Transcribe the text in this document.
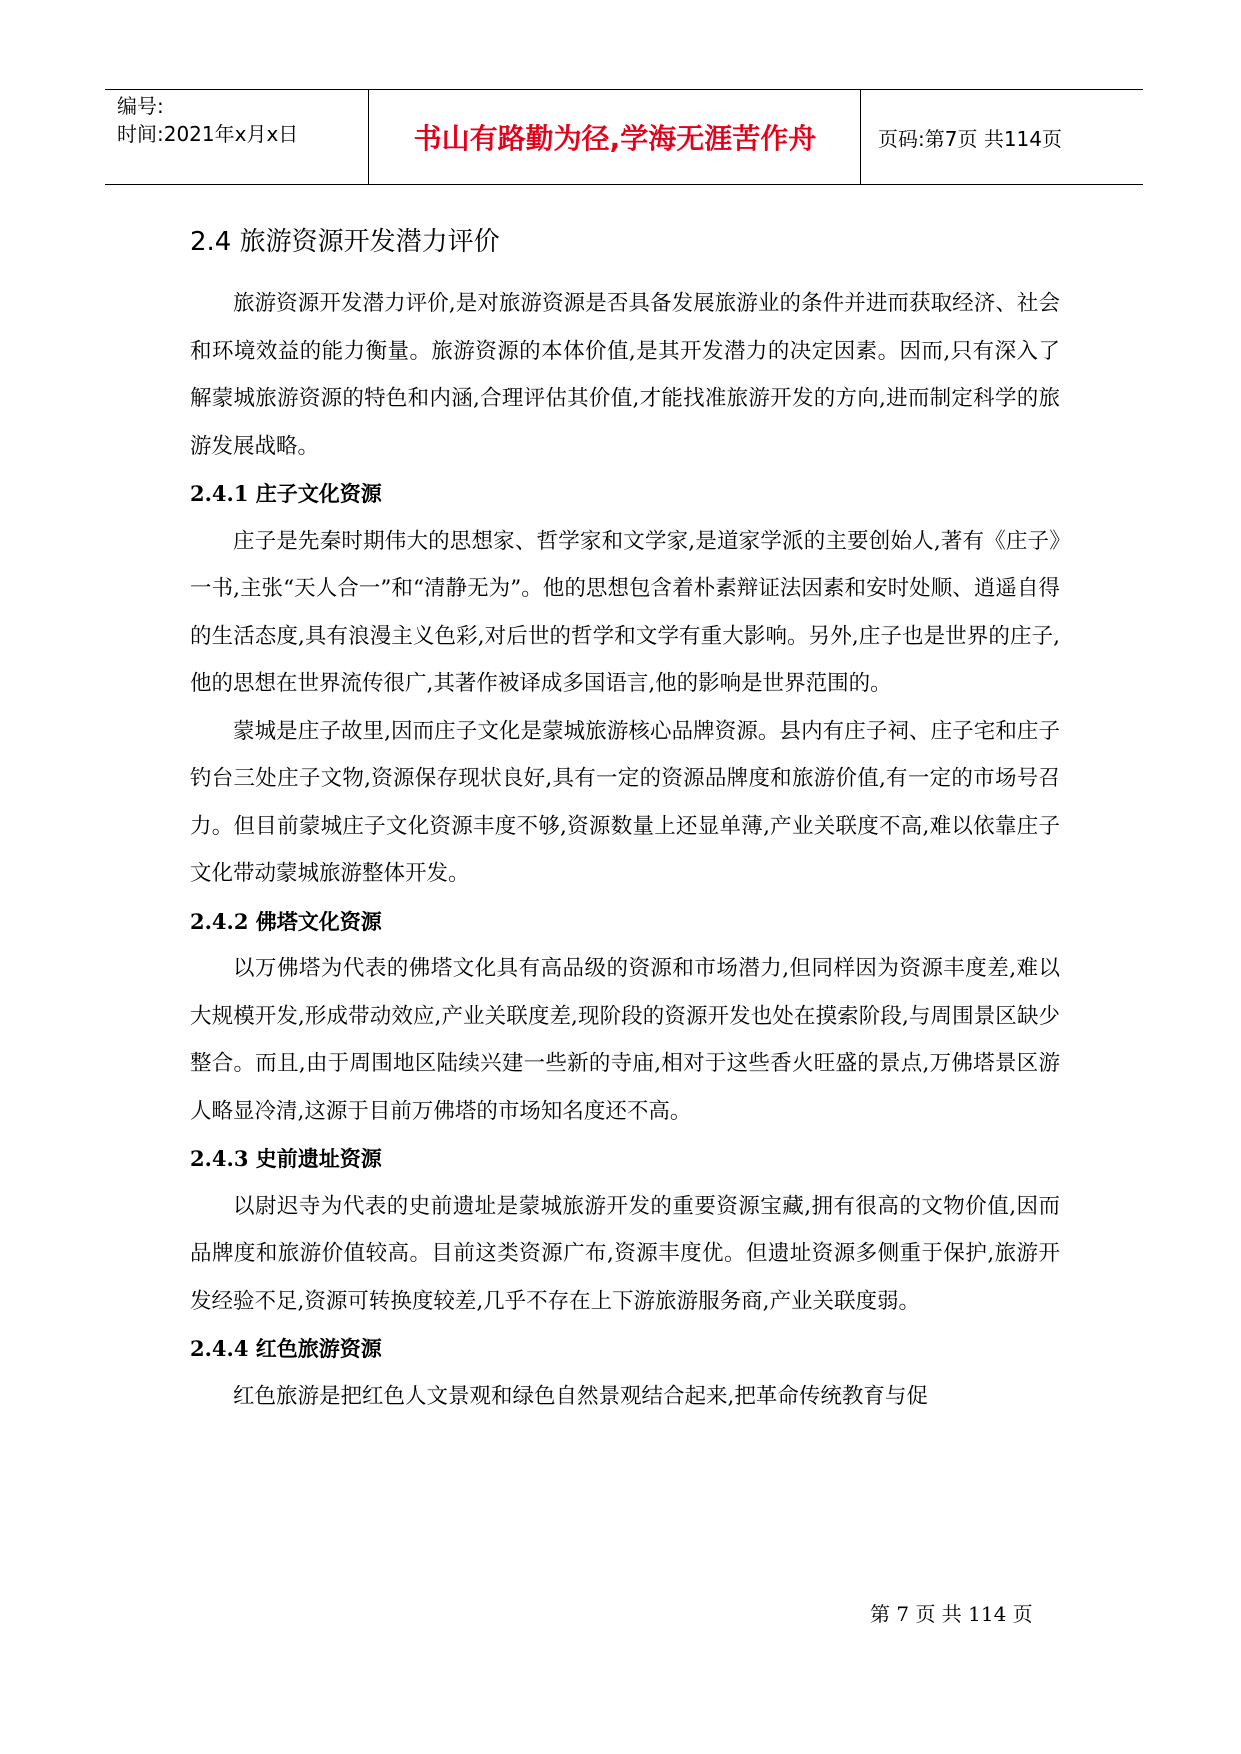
编号:
时间:2021年x月x日	书山有路勤为径,学海无涯苦作舟	页码:第7页 共114页
2.4 旅游资源开发潜力评价

旅游资源开发潜力评价,是对旅游资源是否具备发展旅游业的条件并进而获取经济、社会和环境效益的能力衡量。旅游资源的本体价值,是其开发潜力的决定因素。因而,只有深入了解蒙城旅游资源的特色和内涵,合理评估其价值,才能找准旅游开发的方向,进而制定科学的旅游发展战略。

2.4.1 庄子文化资源

庄子是先秦时期伟大的思想家、哲学家和文学家,是道家学派的主要创始人,著有《庄子》一书,主张“天人合一”和“清静无为”。他的思想包含着朴素辩证法因素和安时处顺、逍遥自得的生活态度,具有浪漫主义色彩,对后世的哲学和文学有重大影响。另外,庄子也是世界的庄子,他的思想在世界流传很广,其著作被译成多国语言,他的影响是世界范围的。

蒙城是庄子故里,因而庄子文化是蒙城旅游核心品牌资源。县内有庄子祠、庄子宅和庄子钓台三处庄子文物,资源保存现状良好,具有一定的资源品牌度和旅游价值,有一定的市场号召力。但目前蒙城庄子文化资源丰度不够,资源数量上还显单薄,产业关联度不高,难以依靠庄子文化带动蒙城旅游整体开发。

2.4.2 佛塔文化资源

以万佛塔为代表的佛塔文化具有高品级的资源和市场潜力,但同样因为资源丰度差,难以大规模开发,形成带动效应,产业关联度差,现阶段的资源开发也处在摸索阶段,与周围景区缺少整合。而且,由于周围地区陆续兴建一些新的寺庙,相对于这些香火旺盛的景点,万佛塔景区游人略显冷清,这源于目前万佛塔的市场知名度还不高。

2.4.3 史前遗址资源

以尉迟寺为代表的史前遗址是蒙城旅游开发的重要资源宝藏,拥有很高的文物价值,因而品牌度和旅游价值较高。目前这类资源广布,资源丰度优。但遗址资源多侧重于保护,旅游开发经验不足,资源可转换度较差,几乎不存在上下游旅游服务商,产业关联度弱。

2.4.4 红色旅游资源

红色旅游是把红色人文景观和绿色自然景观结合起来,把革命传统教育与促

第 7 页 共 114 页
